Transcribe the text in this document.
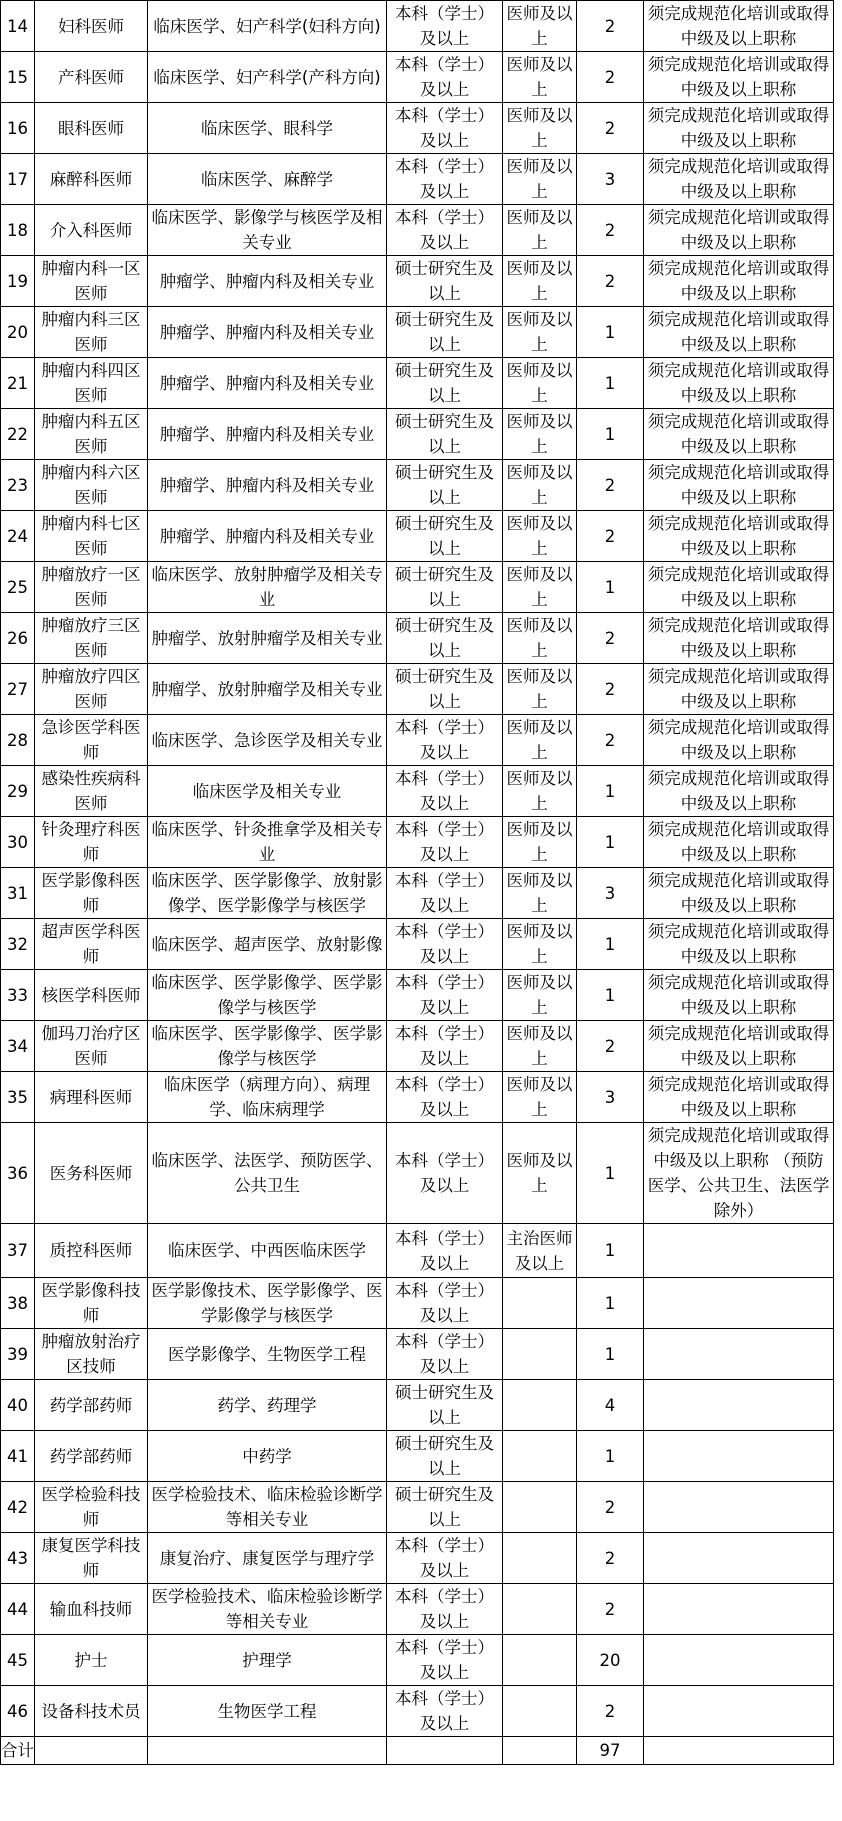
14	妇科医师	临床医学、妇产科学(妇科方向)	本科（学士）及以上	医师及以上	2	须完成规范化培训或取得中级及以上职称
15	产科医师	临床医学、妇产科学(产科方向)	本科（学士）及以上	医师及以上	2	须完成规范化培训或取得中级及以上职称
16	眼科医师	临床医学、眼科学	本科（学士）及以上	医师及以上	2	须完成规范化培训或取得中级及以上职称
17	麻醉科医师	临床医学、麻醉学	本科（学士）及以上	医师及以上	3	须完成规范化培训或取得中级及以上职称
18	介入科医师	临床医学、影像学与核医学及相关专业	本科（学士）及以上	医师及以上	2	须完成规范化培训或取得中级及以上职称
19	肿瘤内科一区医师	肿瘤学、肿瘤内科及相关专业	硕士研究生及以上	医师及以上	2	须完成规范化培训或取得中级及以上职称
20	肿瘤内科三区医师	肿瘤学、肿瘤内科及相关专业	硕士研究生及以上	医师及以上	1	须完成规范化培训或取得中级及以上职称
21	肿瘤内科四区医师	肿瘤学、肿瘤内科及相关专业	硕士研究生及以上	医师及以上	1	须完成规范化培训或取得中级及以上职称
22	肿瘤内科五区医师	肿瘤学、肿瘤内科及相关专业	硕士研究生及以上	医师及以上	1	须完成规范化培训或取得中级及以上职称
23	肿瘤内科六区医师	肿瘤学、肿瘤内科及相关专业	硕士研究生及以上	医师及以上	2	须完成规范化培训或取得中级及以上职称
24	肿瘤内科七区医师	肿瘤学、肿瘤内科及相关专业	硕士研究生及以上	医师及以上	2	须完成规范化培训或取得中级及以上职称
25	肿瘤放疗一区医师	临床医学、放射肿瘤学及相关专业	硕士研究生及以上	医师及以上	1	须完成规范化培训或取得中级及以上职称
26	肿瘤放疗三区医师	肿瘤学、放射肿瘤学及相关专业	硕士研究生及以上	医师及以上	2	须完成规范化培训或取得中级及以上职称
27	肿瘤放疗四区医师	肿瘤学、放射肿瘤学及相关专业	硕士研究生及以上	医师及以上	2	须完成规范化培训或取得中级及以上职称
28	急诊医学科医师	临床医学、急诊医学及相关专业	本科（学士）及以上	医师及以上	2	须完成规范化培训或取得中级及以上职称
29	感染性疾病科医师	临床医学及相关专业	本科（学士）及以上	医师及以上	1	须完成规范化培训或取得中级及以上职称
30	针灸理疗科医师	临床医学、针灸推拿学及相关专业	本科（学士）及以上	医师及以上	1	须完成规范化培训或取得中级及以上职称
31	医学影像科医师	临床医学、医学影像学、放射影像学、医学影像学与核医学	本科（学士）及以上	医师及以上	3	须完成规范化培训或取得中级及以上职称
32	超声医学科医师	临床医学、超声医学、放射影像	本科（学士）及以上	医师及以上	1	须完成规范化培训或取得中级及以上职称
33	核医学科医师	临床医学、医学影像学、医学影像学与核医学	本科（学士）及以上	医师及以上	1	须完成规范化培训或取得中级及以上职称
34	伽玛刀治疗区医师	临床医学、医学影像学、医学影像学与核医学	本科（学士）及以上	医师及以上	2	须完成规范化培训或取得中级及以上职称
35	病理科医师	临床医学（病理方向）、病理学、临床病理学	本科（学士）及以上	医师及以上	3	须完成规范化培训或取得中级及以上职称
36	医务科医师	临床医学、法医学、预防医学、公共卫生	本科（学士）及以上	医师及以上	1	须完成规范化培训或取得中级及以上职称 （预防医学、公共卫生、法医学除外）
37	质控科医师	临床医学、中西医临床医学	本科（学士）及以上	主治医师及以上	1	
38	医学影像科技师	医学影像技术、医学影像学、医学影像学与核医学	本科（学士）及以上		1	
39	肿瘤放射治疗区技师	医学影像学、生物医学工程	本科（学士）及以上		1	
40	药学部药师	药学、药理学	硕士研究生及以上		4	
41	药学部药师	中药学	硕士研究生及以上		1	
42	医学检验科技师	医学检验技术、临床检验诊断学等相关专业	硕士研究生及以上		2	
43	康复医学科技师	康复治疗、康复医学与理疗学	本科（学士）及以上		2	
44	输血科技师	医学检验技术、临床检验诊断学等相关专业	本科（学士）及以上		2	
45	护士	护理学	本科（学士）及以上		20	
46	设备科技术员	生物医学工程	本科（学士）及以上		2	
合计					97	
